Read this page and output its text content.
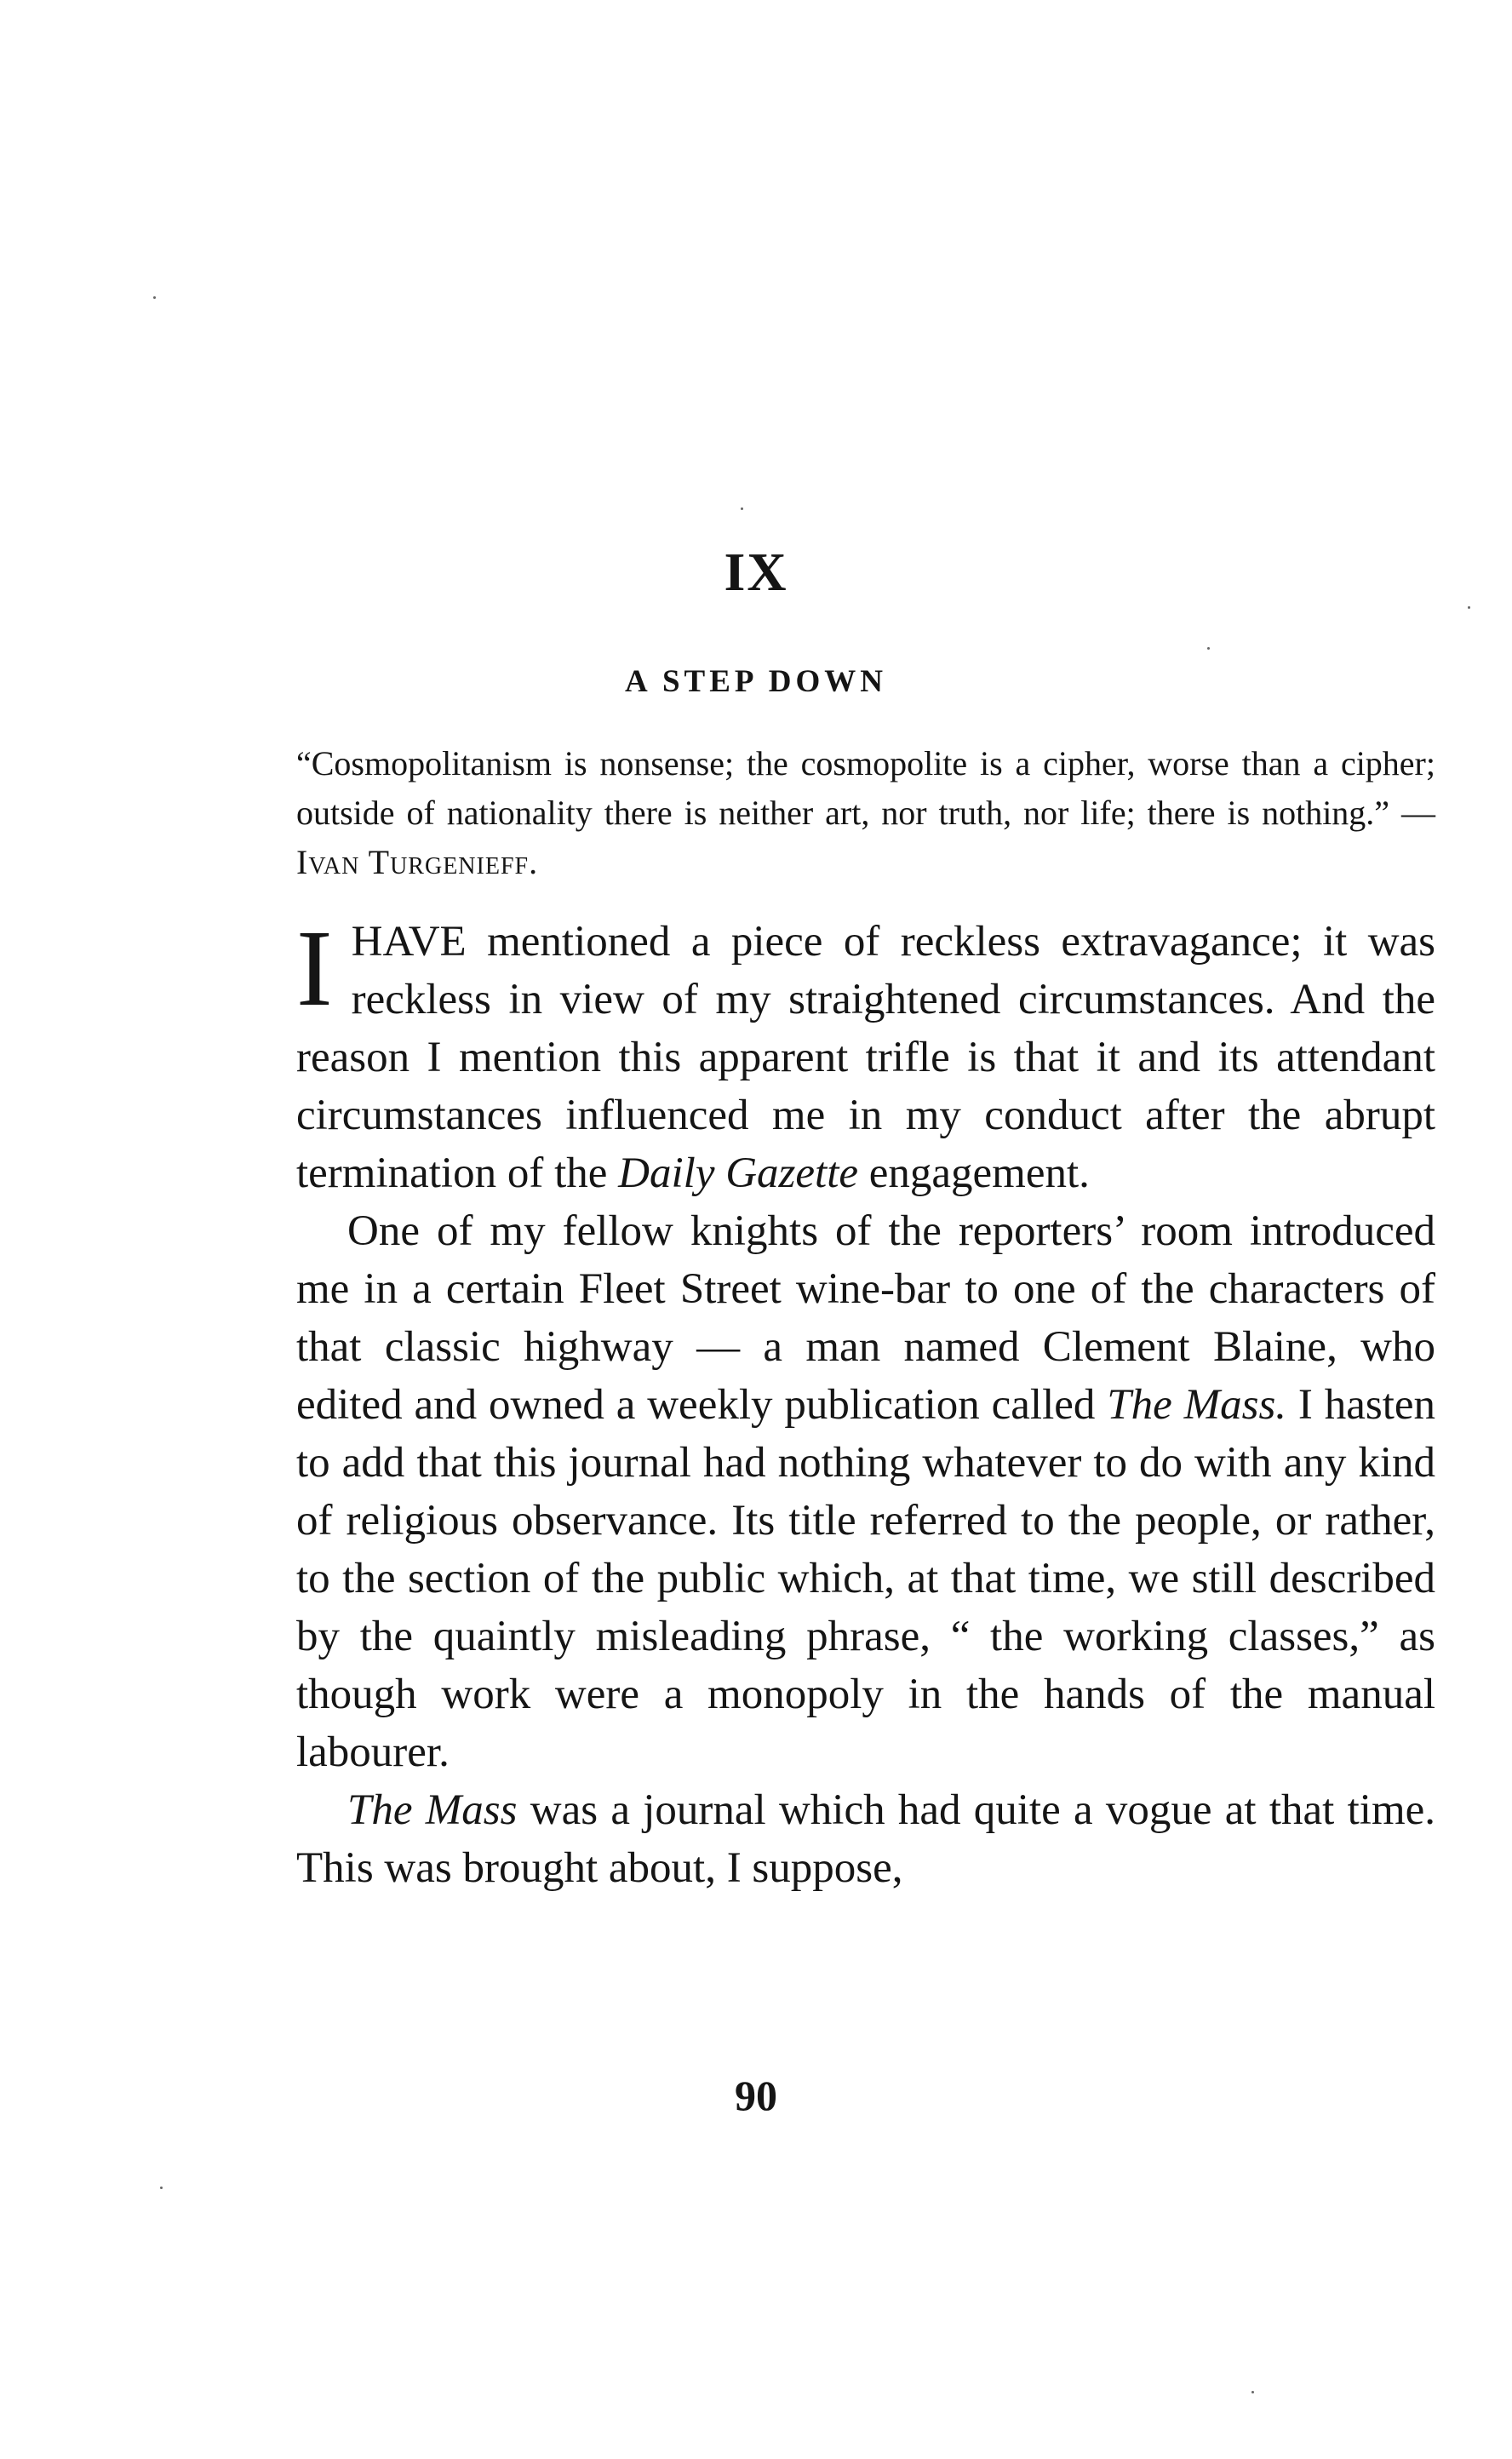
IX
A STEP DOWN

“Cosmopolitanism is nonsense; the cosmopolite is a cipher, worse than a cipher; outside of nationality there is neither art, nor truth, nor life; there is nothing.” — Ivan Turgenieff.

IHAVE mentioned a piece of reckless extravagance; it was reckless in view of my straightened circumstances. And the reason I mention this apparent trifle is that it and its attendant circumstances influenced me in my conduct after the abrupt termination of the Daily Gazette engagement.

One of my fellow knights of the reporters’ room introduced me in a certain Fleet Street wine-bar to one of the characters of that classic highway — a man named Clement Blaine, who edited and owned a weekly publication called The Mass. I hasten to add that this journal had nothing whatever to do with any kind of religious observance. Its title referred to the people, or rather, to the section of the public which, at that time, we still described by the quaintly misleading phrase, “ the working classes,” as though work were a monopoly in the hands of the manual labourer.

The Mass was a journal which had quite a vogue at that time. This was brought about, I suppose,

90
